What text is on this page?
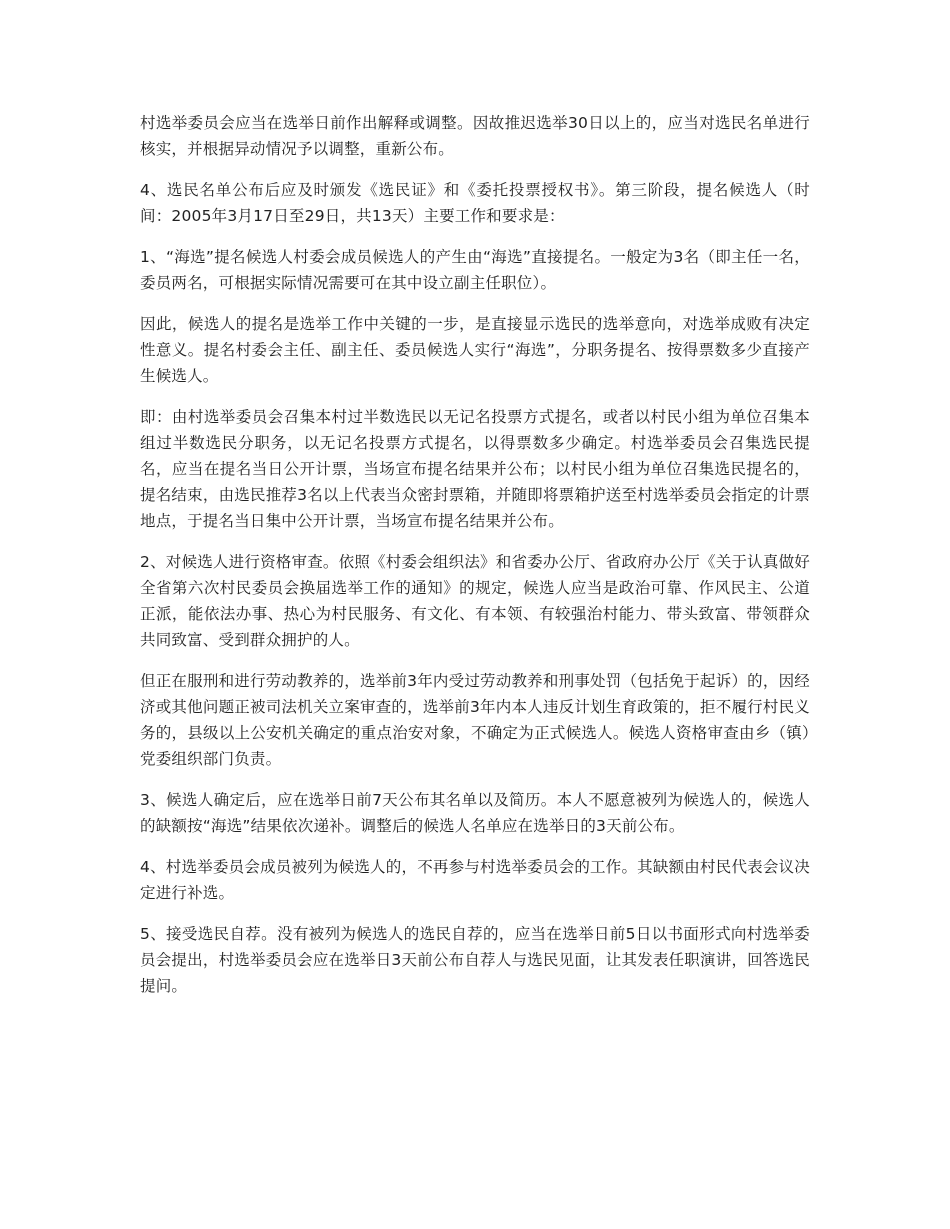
村选举委员会应当在选举日前作出解释或调整。因故推迟选举30日以上的，应当对选民名单进行核实，并根据异动情况予以调整，重新公布。

4、选民名单公布后应及时颁发《选民证》和《委托投票授权书》。第三阶段，提名候选人（时间：2005年3月17日至29日，共13天）主要工作和要求是：

1、“海选”提名候选人村委会成员候选人的产生由“海选”直接提名。一般定为3名（即主任一名，委员两名，可根据实际情况需要可在其中设立副主任职位）。

因此，候选人的提名是选举工作中关键的一步，是直接显示选民的选举意向，对选举成败有决定性意义。提名村委会主任、副主任、委员候选人实行“海选”，分职务提名、按得票数多少直接产生候选人。

即：由村选举委员会召集本村过半数选民以无记名投票方式提名，或者以村民小组为单位召集本组过半数选民分职务，以无记名投票方式提名，以得票数多少确定。村选举委员会召集选民提名，应当在提名当日公开计票，当场宣布提名结果并公布；以村民小组为单位召集选民提名的，提名结束，由选民推荐3名以上代表当众密封票箱，并随即将票箱护送至村选举委员会指定的计票地点，于提名当日集中公开计票，当场宣布提名结果并公布。

2、对候选人进行资格审查。依照《村委会组织法》和省委办公厅、省政府办公厅《关于认真做好全省第六次村民委员会换届选举工作的通知》的规定，候选人应当是政治可靠、作风民主、公道正派，能依法办事、热心为村民服务、有文化、有本领、有较强治村能力、带头致富、带领群众共同致富、受到群众拥护的人。

但正在服刑和进行劳动教养的，选举前3年内受过劳动教养和刑事处罚（包括免于起诉）的，因经济或其他问题正被司法机关立案审查的，选举前3年内本人违反计划生育政策的，拒不履行村民义务的，县级以上公安机关确定的重点治安对象，不确定为正式候选人。候选人资格审查由乡（镇）党委组织部门负责。

3、候选人确定后，应在选举日前7天公布其名单以及简历。本人不愿意被列为候选人的，候选人的缺额按“海选”结果依次递补。调整后的候选人名单应在选举日的3天前公布。

4、村选举委员会成员被列为候选人的，不再参与村选举委员会的工作。其缺额由村民代表会议决定进行补选。

5、接受选民自荐。没有被列为候选人的选民自荐的，应当在选举日前5日以书面形式向村选举委员会提出，村选举委员会应在选举日3天前公布自荐人与选民见面，让其发表任职演讲，回答选民提问。
